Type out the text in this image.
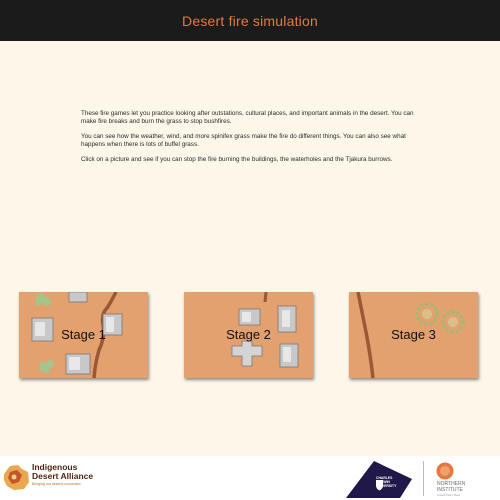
Desert fire simulation

These fire games let you practice looking after outstations, cultural places, and important animals in the desert. You can make fire breaks and burn the grass to stop bushfires.

You can see how the weather, wind, and more spinifex grass make the fire do different things. You can also see what happens when there is lots of buffel grass.

Click on a picture and see if you can stop the fire burning the buildings, the waterholes and the Tjakura burrows.

Stage 1	Stage 2	Stage 3
Indigenous
Desert Alliance
Bringing our deserts connected
CHARLES
DARWIN
UNIVERSITY	NORTHERN
INSTITUTE
Growth Policy Place
